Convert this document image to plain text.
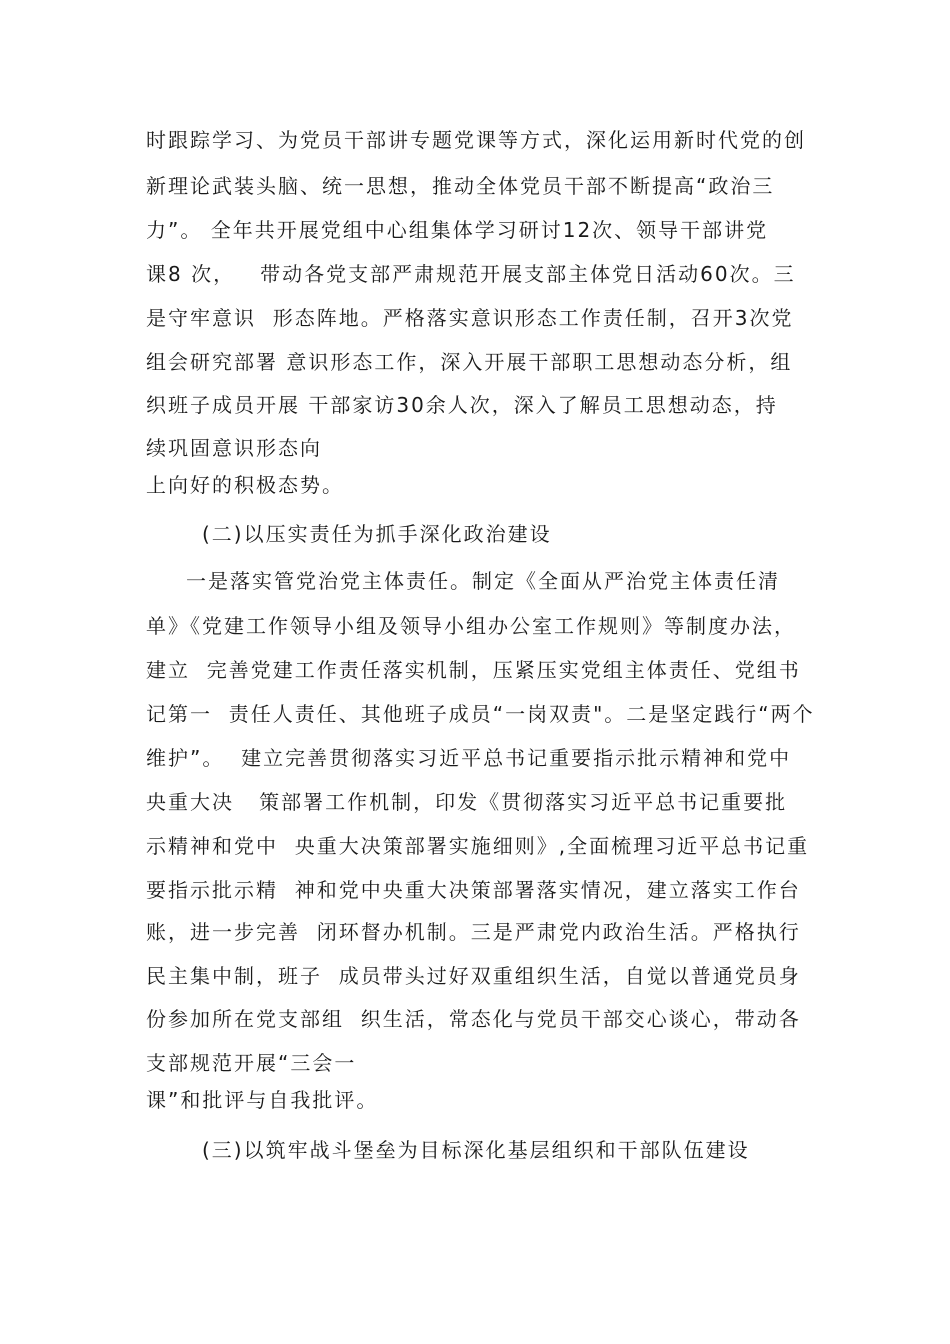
时跟踪学习、为党员干部讲专题党课等方式，深化运用新时代党的创
新理论武装头脑、统一思想，推动全体党员干部不断提高“政治三
力”。 全年共开展党组中心组集体学习研讨12次、领导干部讲党
课8 次，   带动各党支部严肃规范开展支部主体党日活动60次。三
是守牢意识  形态阵地。严格落实意识形态工作责任制，召开3次党
组会研究部署 意识形态工作，深入开展干部职工思想动态分析，组
织班子成员开展 干部家访30余人次，深入了解员工思想动态，持
续巩固意识形态向
上向好的积极态势。
(二)以压实责任为抓手深化政治建设
一是落实管党治党主体责任。制定《全面从严治党主体责任清
单》《党建工作领导小组及领导小组办公室工作规则》等制度办法，
建立  完善党建工作责任落实机制，压紧压实党组主体责任、党组书
记第一  责任人责任、其他班子成员“一岗双责"。二是坚定践行“两个
维护”。  建立完善贯彻落实习近平总书记重要指示批示精神和党中
央重大决   策部署工作机制，印发《贯彻落实习近平总书记重要批
示精神和党中  央重大决策部署实施细则》,全面梳理习近平总书记重
要指示批示精  神和党中央重大决策部署落实情况，建立落实工作台
账，进一步完善  闭环督办机制。三是严肃党内政治生活。严格执行
民主集中制，班子  成员带头过好双重组织生活，自觉以普通党员身
份参加所在党支部组  织生活，常态化与党员干部交心谈心，带动各
支部规范开展“三会一
课”和批评与自我批评。
(三)以筑牢战斗堡垒为目标深化基层组织和干部队伍建设
